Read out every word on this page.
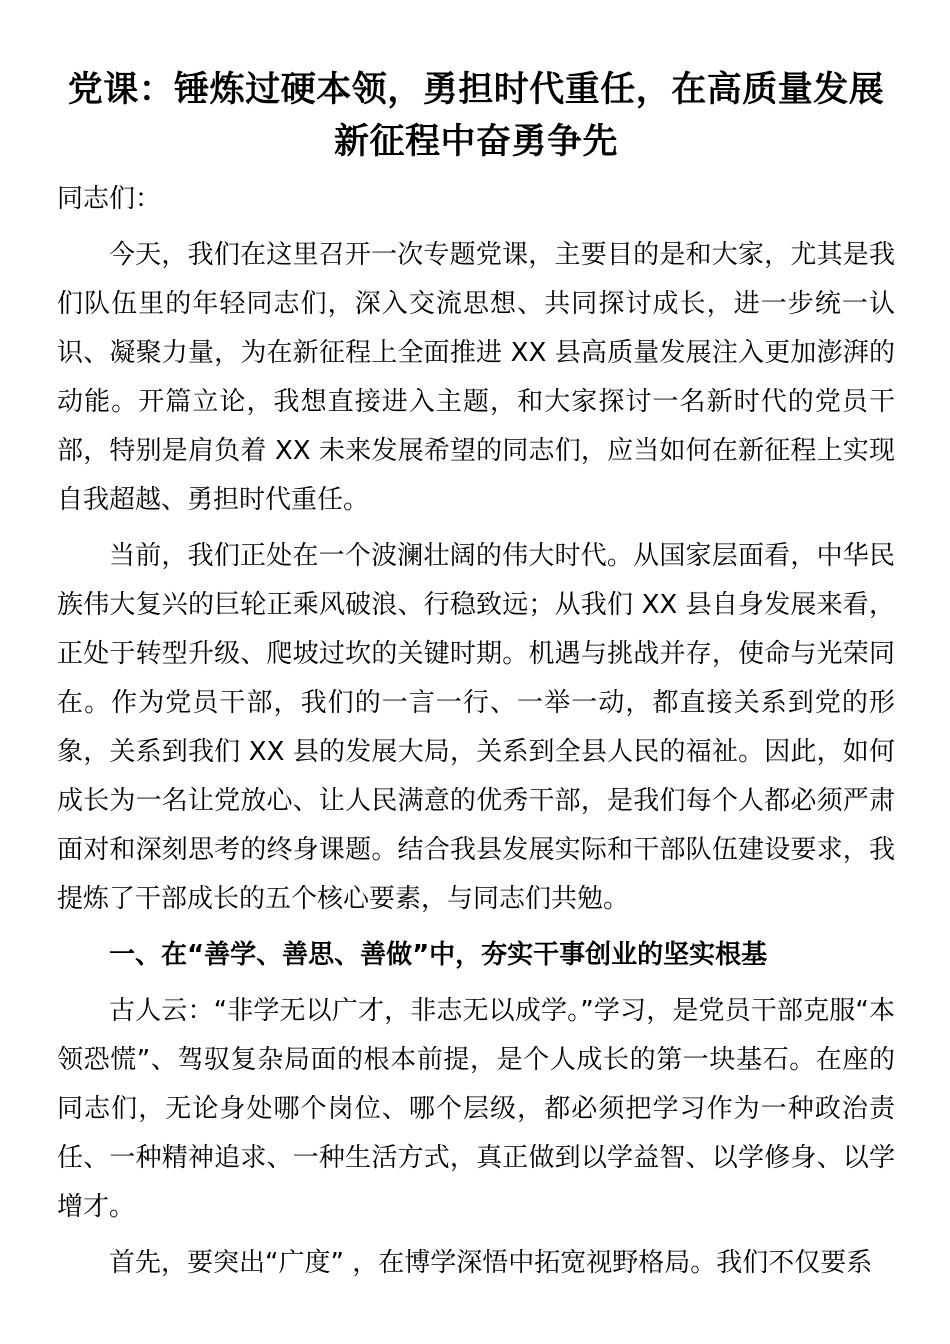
党课：锤炼过硬本领，勇担时代重任，在高质量发展新征程中奋勇争先

同志们：

今天，我们在这里召开一次专题党课，主要目的是和大家，尤其是我们队伍里的年轻同志们，深入交流思想、共同探讨成长，进一步统一认识、凝聚力量，为在新征程上全面推进 XX 县高质量发展注入更加澎湃的动能。开篇立论，我想直接进入主题，和大家探讨一名新时代的党员干部，特别是肩负着 XX 未来发展希望的同志们，应当如何在新征程上实现自我超越、勇担时代重任。

当前，我们正处在一个波澜壮阔的伟大时代。从国家层面看，中华民族伟大复兴的巨轮正乘风破浪、行稳致远；从我们 XX 县自身发展来看，正处于转型升级、爬坡过坎的关键时期。机遇与挑战并存，使命与光荣同在。作为党员干部，我们的一言一行、一举一动，都直接关系到党的形象，关系到我们 XX 县的发展大局，关系到全县人民的福祉。因此，如何成长为一名让党放心、让人民满意的优秀干部，是我们每个人都必须严肃面对和深刻思考的终身课题。结合我县发展实际和干部队伍建设要求，我提炼了干部成长的五个核心要素，与同志们共勉。

一、在“善学、善思、善做”中，夯实干事创业的坚实根基

古人云：“非学无以广才，非志无以成学。”学习，是党员干部克服“本领恐慌”、驾驭复杂局面的根本前提，是个人成长的第一块基石。在座的同志们，无论身处哪个岗位、哪个层级，都必须把学习作为一种政治责任、一种精神追求、一种生活方式，真正做到以学益智、以学修身、以学增才。

首先，要突出“广度” ，在博学深悟中拓宽视野格局。我们不仅要系
